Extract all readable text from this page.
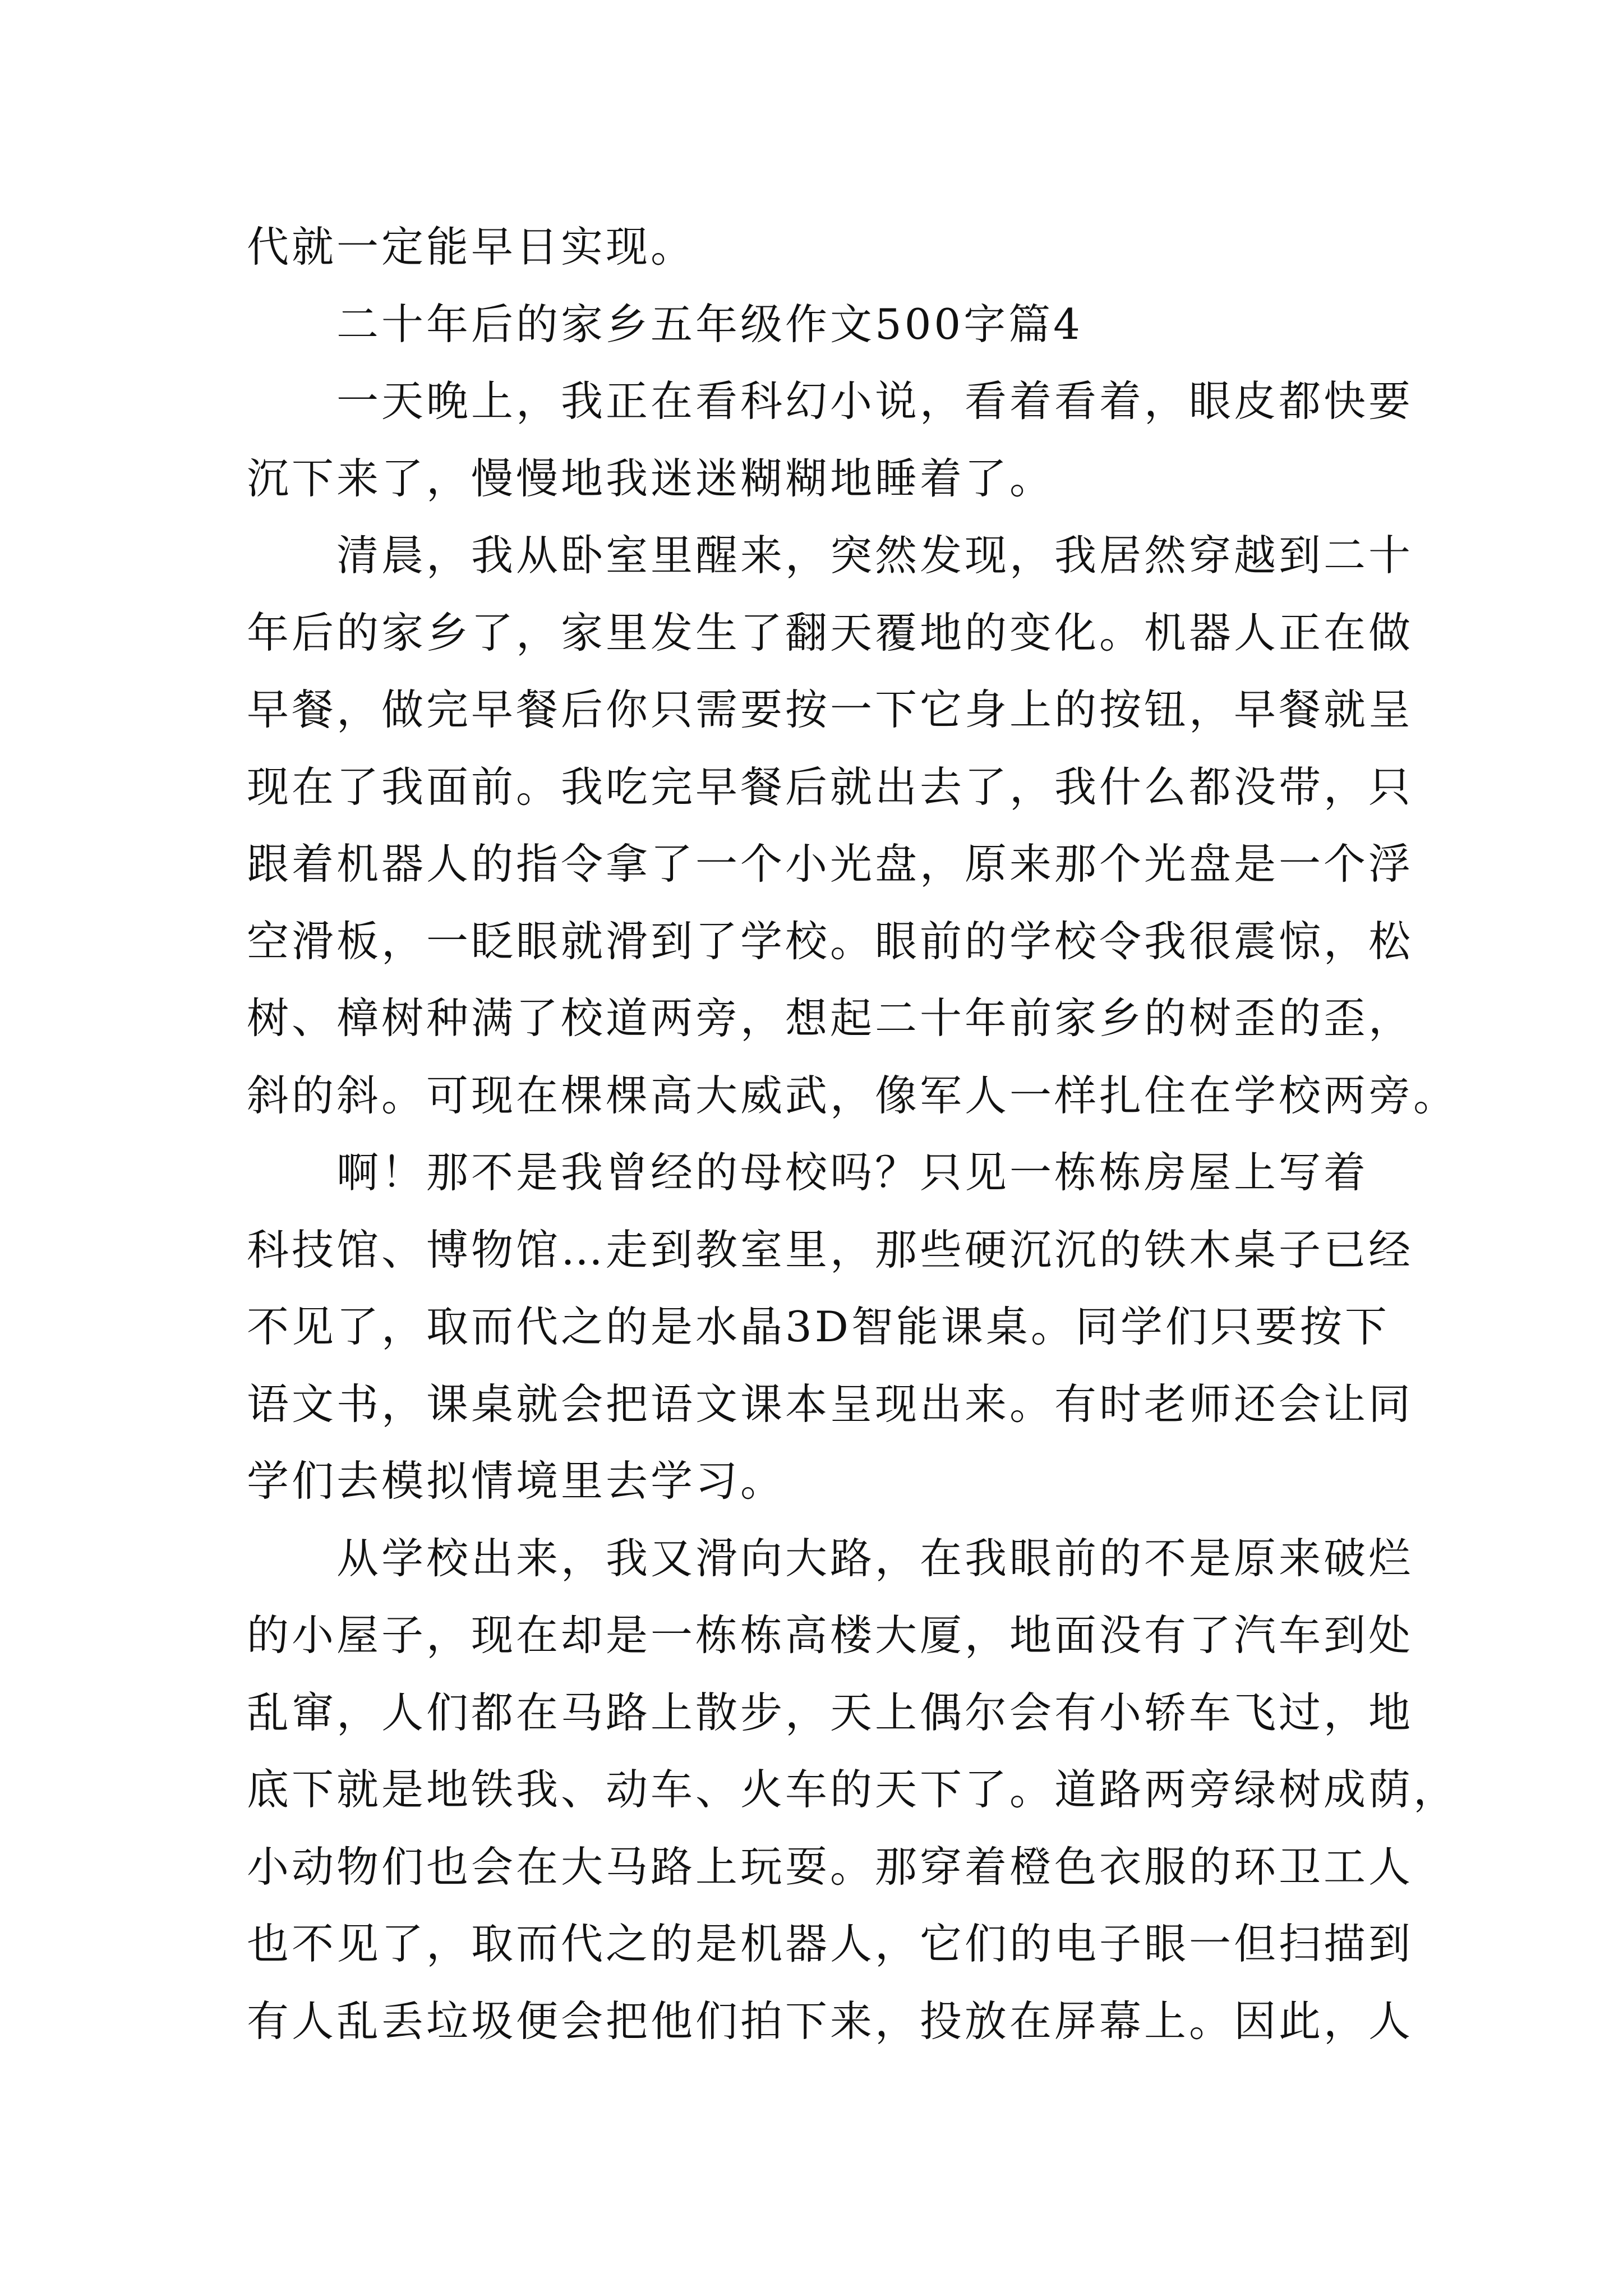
代就一定能早日实现。
二十年后的家乡五年级作文500字篇4
一天晚上，我正在看科幻小说，看着看着，眼皮都快要
沉下来了，慢慢地我迷迷糊糊地睡着了。
清晨，我从卧室里醒来，突然发现，我居然穿越到二十
年后的家乡了，家里发生了翻天覆地的变化。机器人正在做
早餐，做完早餐后你只需要按一下它身上的按钮，早餐就呈
现在了我面前。我吃完早餐后就出去了，我什么都没带，只
跟着机器人的指令拿了一个小光盘，原来那个光盘是一个浮
空滑板，一眨眼就滑到了学校。眼前的学校令我很震惊，松
树、樟树种满了校道两旁，想起二十年前家乡的树歪的歪，
斜的斜。可现在棵棵高大威武，像军人一样扎住在学校两旁。
啊！那不是我曾经的母校吗？只见一栋栋房屋上写着
科技馆、博物馆…走到教室里，那些硬沉沉的铁木桌子已经
不见了，取而代之的是水晶3D智能课桌。同学们只要按下
语文书，课桌就会把语文课本呈现出来。有时老师还会让同
学们去模拟情境里去学习。
从学校出来，我又滑向大路，在我眼前的不是原来破烂
的小屋子，现在却是一栋栋高楼大厦，地面没有了汽车到处
乱窜，人们都在马路上散步，天上偶尔会有小轿车飞过，地
底下就是地铁我、动车、火车的天下了。道路两旁绿树成荫，
小动物们也会在大马路上玩耍。那穿着橙色衣服的环卫工人
也不见了，取而代之的是机器人，它们的电子眼一但扫描到
有人乱丢垃圾便会把他们拍下来，投放在屏幕上。因此，人
